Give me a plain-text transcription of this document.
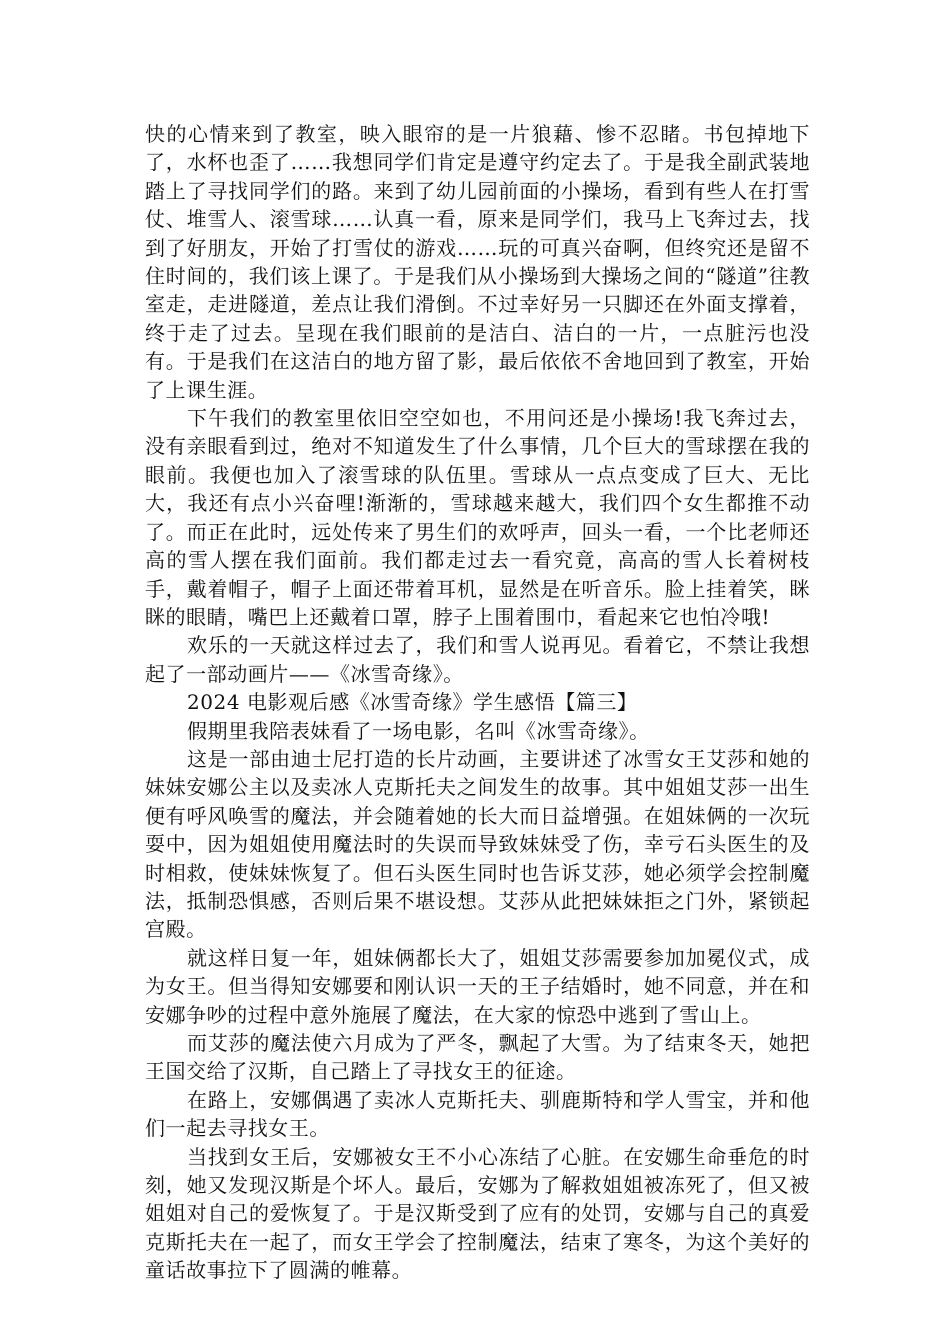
快的心情来到了教室，映入眼帘的是一片狼藉、惨不忍睹。书包掉地下了，水杯也歪了……我想同学们肯定是遵守约定去了。于是我全副武装地踏上了寻找同学们的路。来到了幼儿园前面的小操场，看到有些人在打雪仗、堆雪人、滚雪球……认真一看，原来是同学们，我马上飞奔过去，找到了好朋友，开始了打雪仗的游戏……玩的可真兴奋啊，但终究还是留不住时间的，我们该上课了。于是我们从小操场到大操场之间的“隧道”往教室走，走进隧道，差点让我们滑倒。不过幸好另一只脚还在外面支撑着，终于走了过去。呈现在我们眼前的是洁白、洁白的一片，一点脏污也没有。于是我们在这洁白的地方留了影，最后依依不舍地回到了教室，开始了上课生涯。

下午我们的教室里依旧空空如也，不用问还是小操场!我飞奔过去，没有亲眼看到过，绝对不知道发生了什么事情，几个巨大的雪球摆在我的眼前。我便也加入了滚雪球的队伍里。雪球从一点点变成了巨大、无比大，我还有点小兴奋哩!渐渐的，雪球越来越大，我们四个女生都推不动了。而正在此时，远处传来了男生们的欢呼声，回头一看，一个比老师还高的雪人摆在我们面前。我们都走过去一看究竟，高高的雪人长着树枝手，戴着帽子，帽子上面还带着耳机，显然是在听音乐。脸上挂着笑，眯眯的眼睛，嘴巴上还戴着口罩，脖子上围着围巾，看起来它也怕冷哦!

欢乐的一天就这样过去了，我们和雪人说再见。看着它，不禁让我想起了一部动画片——《冰雪奇缘》。

2024 电影观后感《冰雪奇缘》学生感悟【篇三】

假期里我陪表妹看了一场电影，名叫《冰雪奇缘》。

这是一部由迪士尼打造的长片动画，主要讲述了冰雪女王艾莎和她的妹妹安娜公主以及卖冰人克斯托夫之间发生的故事。其中姐姐艾莎一出生便有呼风唤雪的魔法，并会随着她的长大而日益增强。在姐妹俩的一次玩耍中，因为姐姐使用魔法时的失误而导致妹妹受了伤，幸亏石头医生的及时相救，使妹妹恢复了。但石头医生同时也告诉艾莎，她必须学会控制魔法，抵制恐惧感，否则后果不堪设想。艾莎从此把妹妹拒之门外，紧锁起宫殿。

就这样日复一年，姐妹俩都长大了，姐姐艾莎需要参加加冕仪式，成为女王。但当得知安娜要和刚认识一天的王子结婚时，她不同意，并在和安娜争吵的过程中意外施展了魔法，在大家的惊恐中逃到了雪山上。

而艾莎的魔法使六月成为了严冬，飘起了大雪。为了结束冬天，她把王国交给了汉斯，自己踏上了寻找女王的征途。

在路上，安娜偶遇了卖冰人克斯托夫、驯鹿斯特和学人雪宝，并和他们一起去寻找女王。

当找到女王后，安娜被女王不小心冻结了心脏。在安娜生命垂危的时刻，她又发现汉斯是个坏人。最后，安娜为了解救姐姐被冻死了，但又被姐姐对自己的爱恢复了。于是汉斯受到了应有的处罚，安娜与自己的真爱克斯托夫在一起了，而女王学会了控制魔法，结束了寒冬，为这个美好的童话故事拉下了圆满的帷幕。
